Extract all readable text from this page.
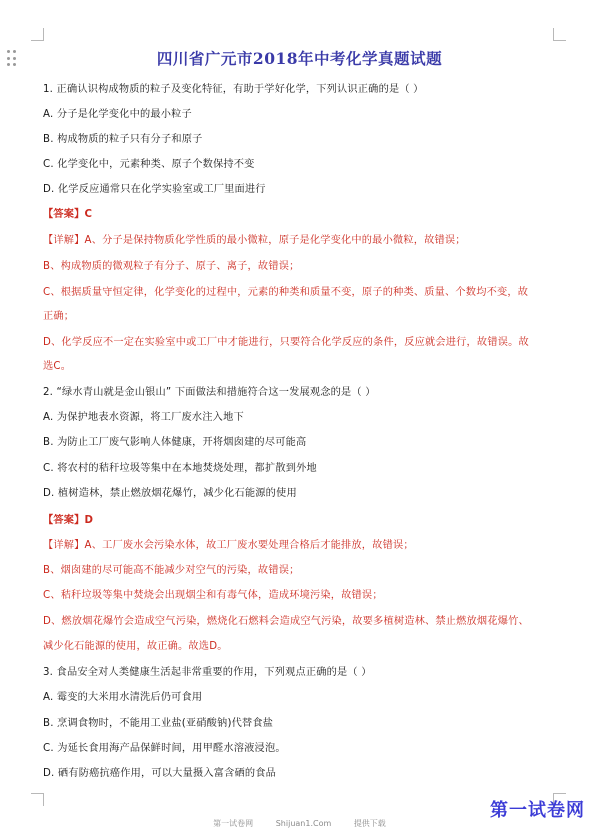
四川省广元市2018年中考化学真题试题
1. 正确认识构成物质的粒子及变化特征，有助于学好化学，下列认识正确的是（ ）
A. 分子是化学变化中的最小粒子
B. 构成物质的粒子只有分子和原子
C. 化学变化中，元素种类、原子个数保持不变
D. 化学反应通常只在化学实验室或工厂里面进行
【答案】C
【详解】A、分子是保持物质化学性质的最小微粒，原子是化学变化中的最小微粒，故错误；
B、构成物质的微观粒子有分子、原子、离子，故错误；
C、根据质量守恒定律，化学变化的过程中，元素的种类和质量不变，原子的种类、质量、个数均不变，故
正确；
D、化学反应不一定在实验室中或工厂中才能进行，只要符合化学反应的条件，反应就会进行，故错误。故
选C。
2. “绿水青山就是金山银山” 下面做法和措施符合这一发展观念的是（ ）
A. 为保护地表水资源，将工厂废水注入地下
B. 为防止工厂废气影响人体健康，开将烟囱建的尽可能高
C. 将农村的秸秆垃圾等集中在本地焚烧处理，都扩散到外地
D. 植树造林，禁止燃放烟花爆竹，减少化石能源的使用
【答案】D
【详解】A、工厂废水会污染水体，故工厂废水要处理合格后才能排放，故错误；
B、烟囱建的尽可能高不能减少对空气的污染，故错误；
C、秸秆垃圾等集中焚烧会出现烟尘和有毒气体，造成环境污染，故错误；
D、燃放烟花爆竹会造成空气污染，燃烧化石燃料会造成空气污染，故要多植树造林、禁止燃放烟花爆竹、
减少化石能源的使用，故正确。故选D。
3. 食品安全对人类健康生活起非常重要的作用，下列观点正确的是（ ）
A. 霉变的大米用水清洗后仍可食用
B. 烹调食物时，不能用工业盐(亚硝酸钠)代替食盐
C. 为延长食用海产品保鲜时间，用甲醛水溶液浸泡。
D. 硒有防癌抗癌作用，可以大量摄入富含硒的食品
第一试卷网	Shijuan1.Com	提供下载
第一试卷网
